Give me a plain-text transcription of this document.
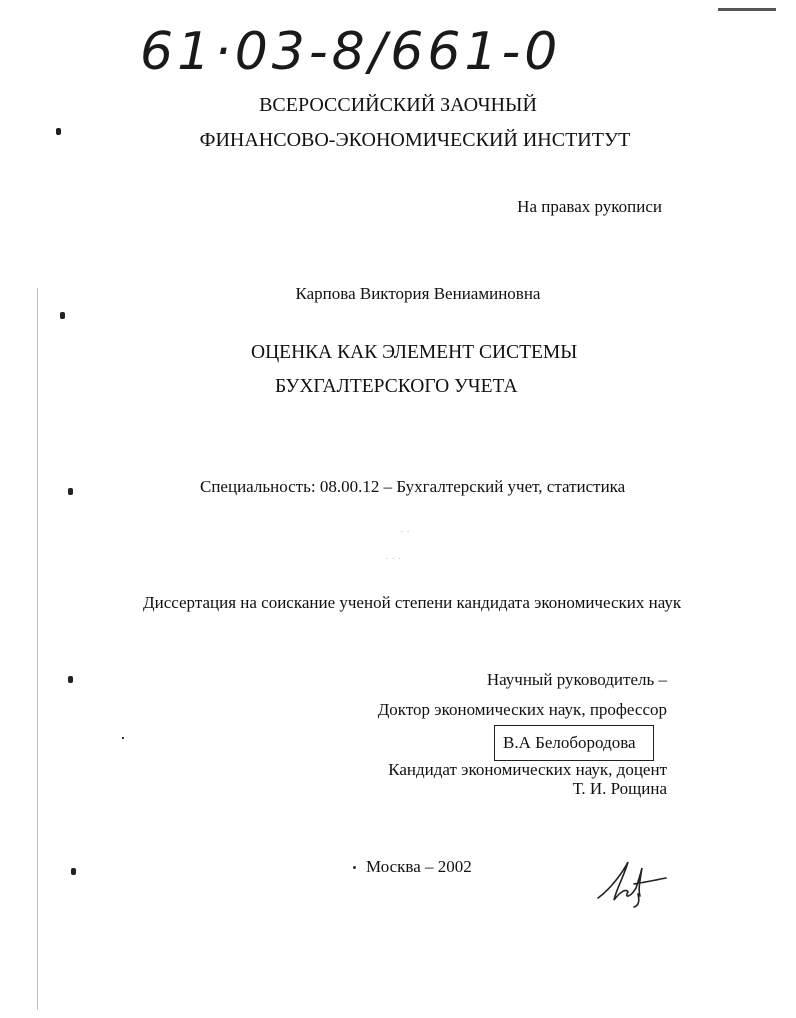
61·03-8/661-0
ВСЕРОССИЙСКИЙ ЗАОЧНЫЙ
ФИНАНСОВО-ЭКОНОМИЧЕСКИЙ ИНСТИТУТ
На правах рукописи
Карпова Виктория Вениаминовна
ОЦЕНКА КАК ЭЛЕМЕНТ СИСТЕМЫ
БУХГАЛТЕРСКОГО УЧЕТА
Специальность: 08.00.12 – Бухгалтерский учет, статистика
· ·
· · ·
Диссертация на соискание ученой степени кандидата экономических наук
Научный руководитель –
Доктор экономических наук, профессор
В.А Белобородова
Кандидат экономических наук, доцент
Т. И. Рощина
Москва – 2002
